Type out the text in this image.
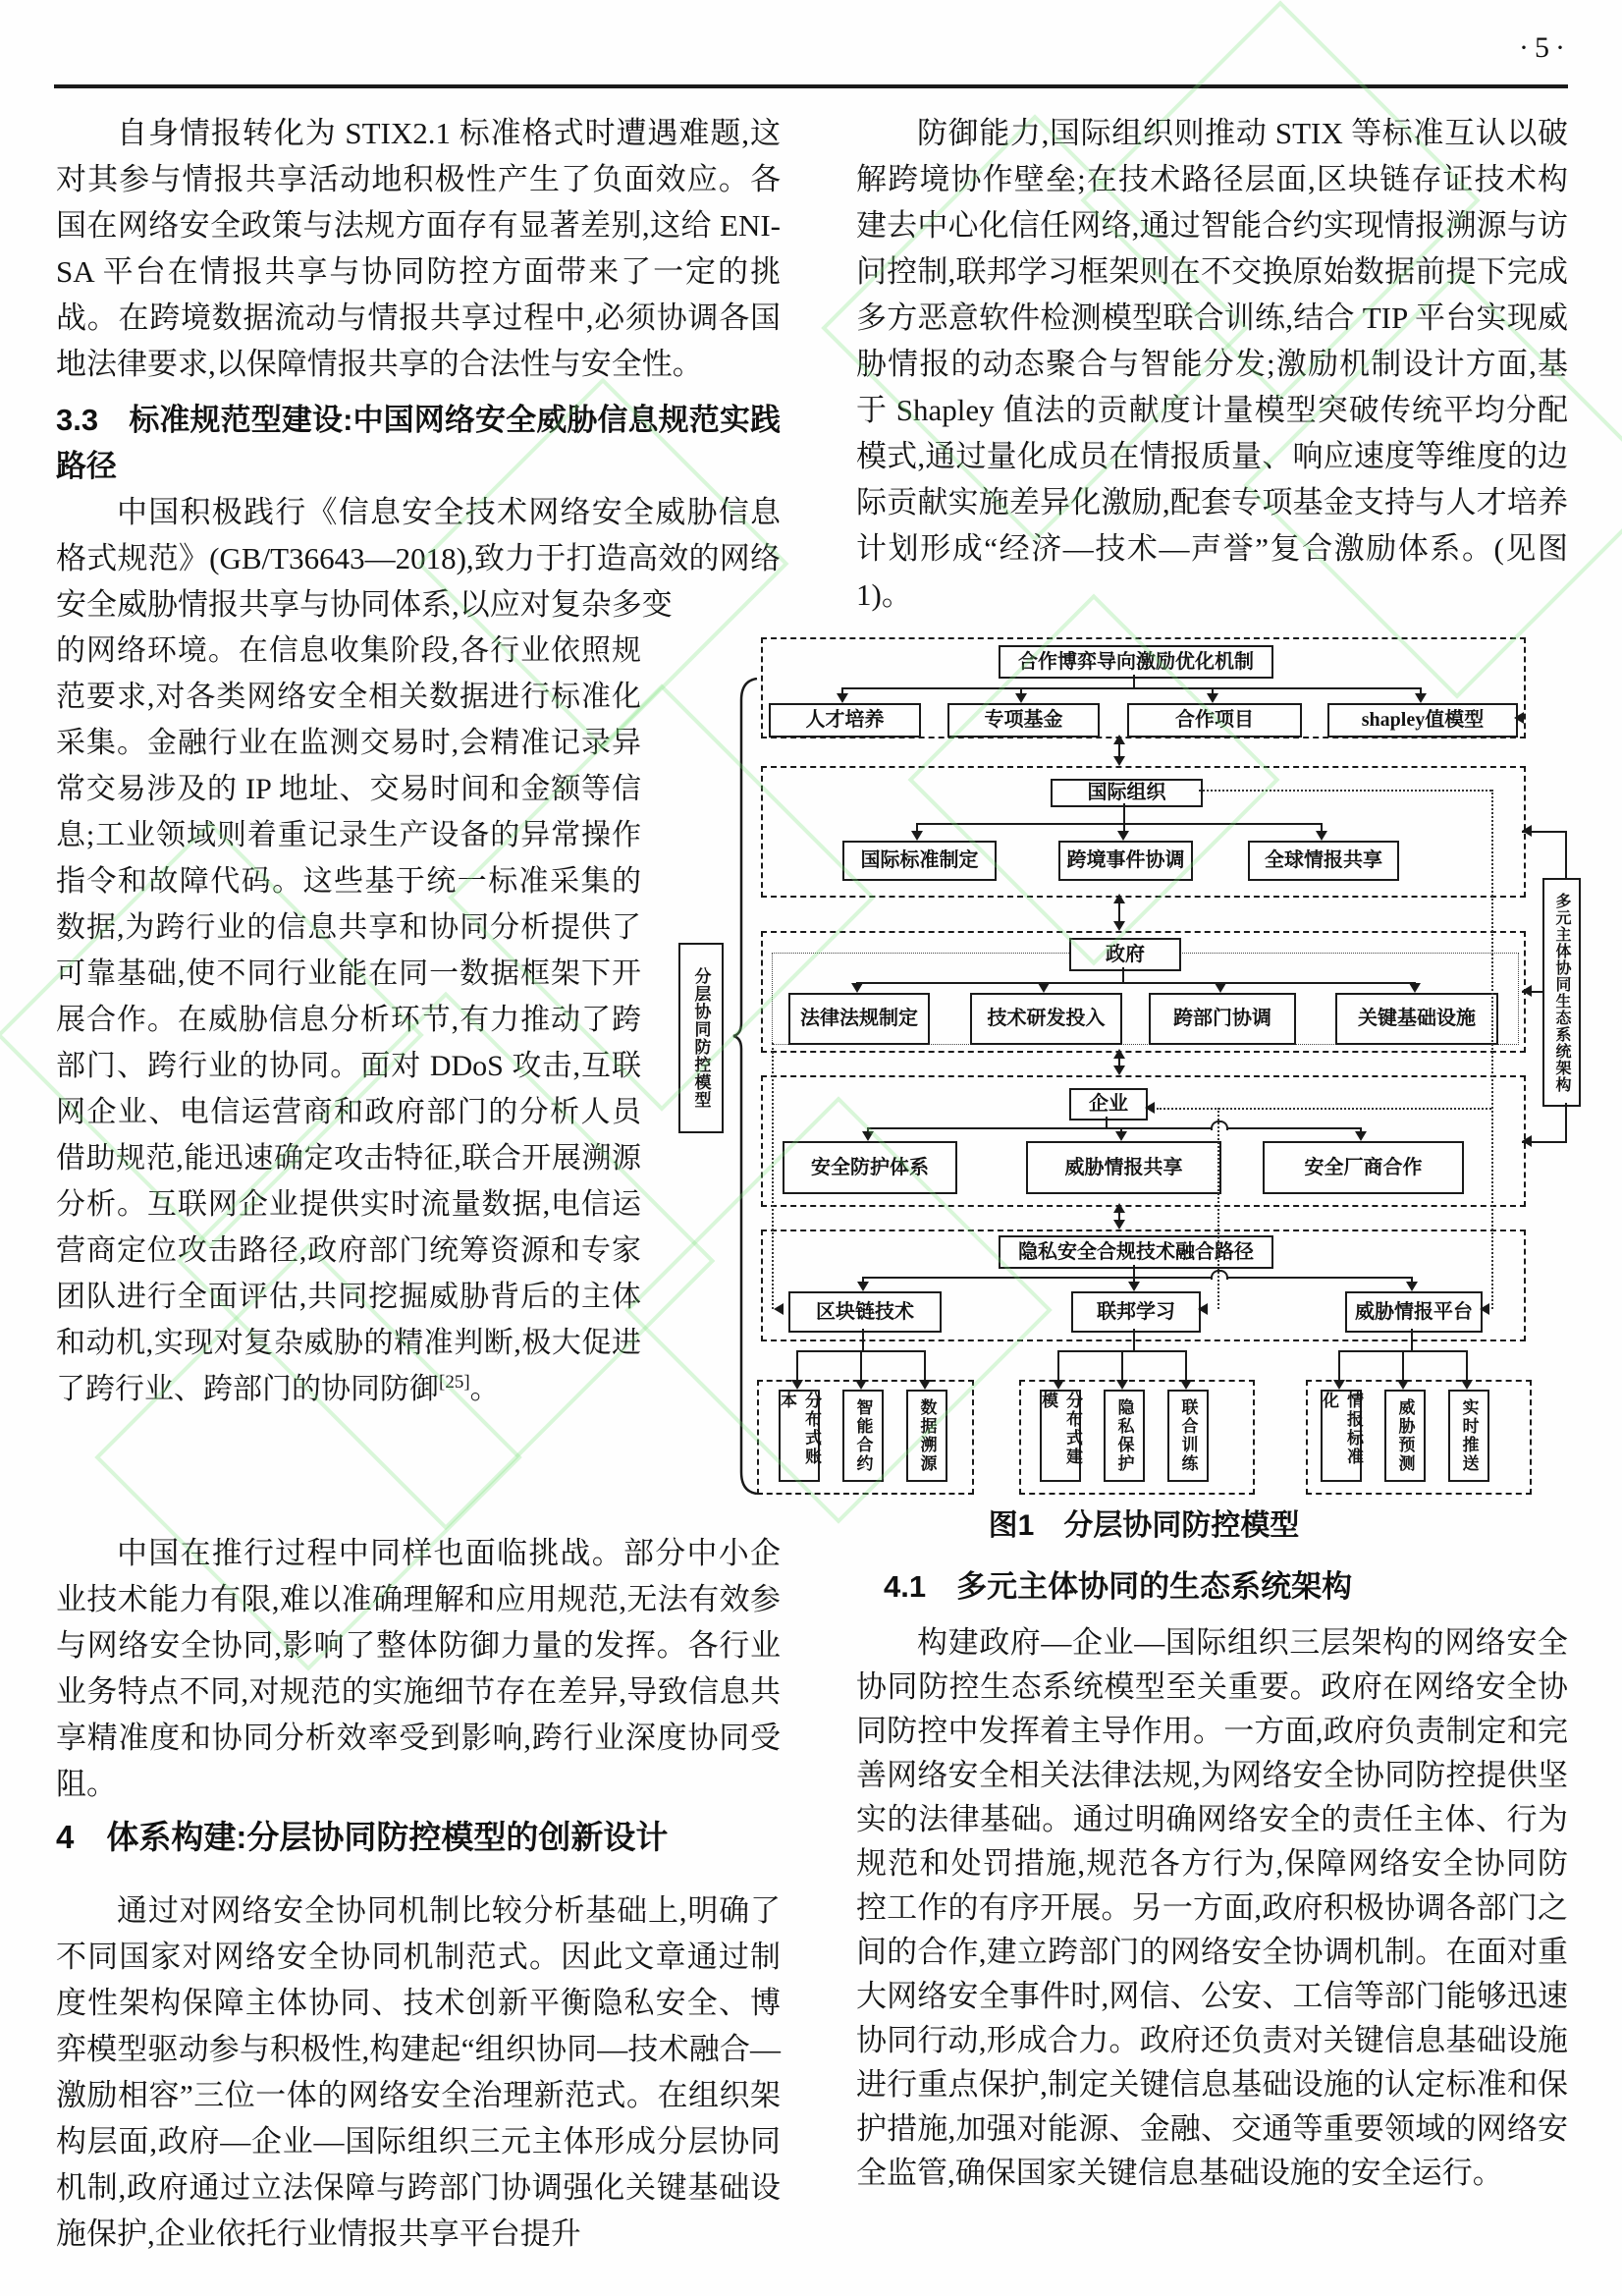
·5·
自身情报转化为 STIX2.1 标准格式时遭遇难题,这对其参与情报共享活动地积极性产生了负面效应。各国在网络安全政策与法规方面存有显著差别,这给 ENI-SA 平台在情报共享与协同防控方面带来了一定的挑战。在跨境数据流动与情报共享过程中,必须协调各国地法律要求,以保障情报共享的合法性与安全性。
3.3　标准规范型建设:中国网络安全威胁信息规范实践路径
中国积极践行《信息安全技术网络安全威胁信息格式规范》(GB/T36643—2018),致力于打造高效的网络安全威胁情报共享与协同体系,以应对复杂多变
的网络环境。在信息收集阶段,各行业依照规范要求,对各类网络安全相关数据进行标准化采集。金融行业在监测交易时,会精准记录异常交易涉及的 IP 地址、交易时间和金额等信息;工业领域则着重记录生产设备的异常操作指令和故障代码。这些基于统一标准采集的数据,为跨行业的信息共享和协同分析提供了可靠基础,使不同行业能在同一数据框架下开展合作。在威胁信息分析环节,有力推动了跨部门、跨行业的协同。面对 DDoS 攻击,互联网企业、电信运营商和政府部门的分析人员借助规范,能迅速确定攻击特征,联合开展溯源分析。互联网企业提供实时流量数据,电信运营商定位攻击路径,政府部门统筹资源和专家团队进行全面评估,共同挖掘威胁背后的主体和动机,实现对复杂威胁的精准判断,极大促进了跨行业、跨部门的协同防御[25]。
中国在推行过程中同样也面临挑战。部分中小企业技术能力有限,难以准确理解和应用规范,无法有效参与网络安全协同,影响了整体防御力量的发挥。各行业业务特点不同,对规范的实施细节存在差异,导致信息共享精准度和协同分析效率受到影响,跨行业深度协同受阻。
4　体系构建:分层协同防控模型的创新设计
通过对网络安全协同机制比较分析基础上,明确了不同国家对网络安全协同机制范式。因此文章通过制度性架构保障主体协同、技术创新平衡隐私安全、博弈模型驱动参与积极性,构建起“组织协同—技术融合—激励相容”三位一体的网络安全治理新范式。在组织架构层面,政府—企业—国际组织三元主体形成分层协同机制,政府通过立法保障与跨部门协调强化关键基础设施保护,企业依托行业情报共享平台提升
防御能力,国际组织则推动 STIX 等标准互认以破解跨境协作壁垒;在技术路径层面,区块链存证技术构建去中心化信任网络,通过智能合约实现情报溯源与访问控制,联邦学习框架则在不交换原始数据前提下完成多方恶意软件检测模型联合训练,结合 TIP 平台实现威胁情报的动态聚合与智能分发;激励机制设计方面,基于 Shapley 值法的贡献度计量模型突破传统平均分配模式,通过量化成员在情报质量、响应速度等维度的边际贡献实施差异化激励,配套专项基金支持与人才培养计划形成“经济—技术—声誉”复合激励体系。(见图1)。
图1　分层协同防控模型
4.1　多元主体协同的生态系统架构
构建政府—企业—国际组织三层架构的网络安全协同防控生态系统模型至关重要。政府在网络安全协同防控中发挥着主导作用。一方面,政府负责制定和完善网络安全相关法律法规,为网络安全协同防控提供坚实的法律基础。通过明确网络安全的责任主体、行为规范和处罚措施,规范各方行为,保障网络安全协同防控工作的有序开展。另一方面,政府积极协调各部门之间的合作,建立跨部门的网络安全协调机制。在面对重大网络安全事件时,网信、公安、工信等部门能够迅速协同行动,形成合力。政府还负责对关键信息基础设施进行重点保护,制定关键信息基础设施的认定标准和保护措施,加强对能源、金融、交通等重要领域的网络安全监管,确保国家关键信息基础设施的安全运行。
分层协同防控模型	多元主体协同生态系统架构
合作博弈导向激励优化机制
人才培养	专项基金	合作项目	shapley值模型
国际组织
国际标准制定	跨境事件协调	全球情报共享
政府
法律法规制定	技术研发投入	跨部门协调	关键基础设施
企业
安全防护体系	威胁情报共享	安全厂商合作
隐私安全合规技术融合路径
区块链技术	联邦学习	威胁情报平台
分布式账本	智能合约	数据溯源	分布式建模	隐私保护	联合训练	情报标准化	威胁预测	实时推送
